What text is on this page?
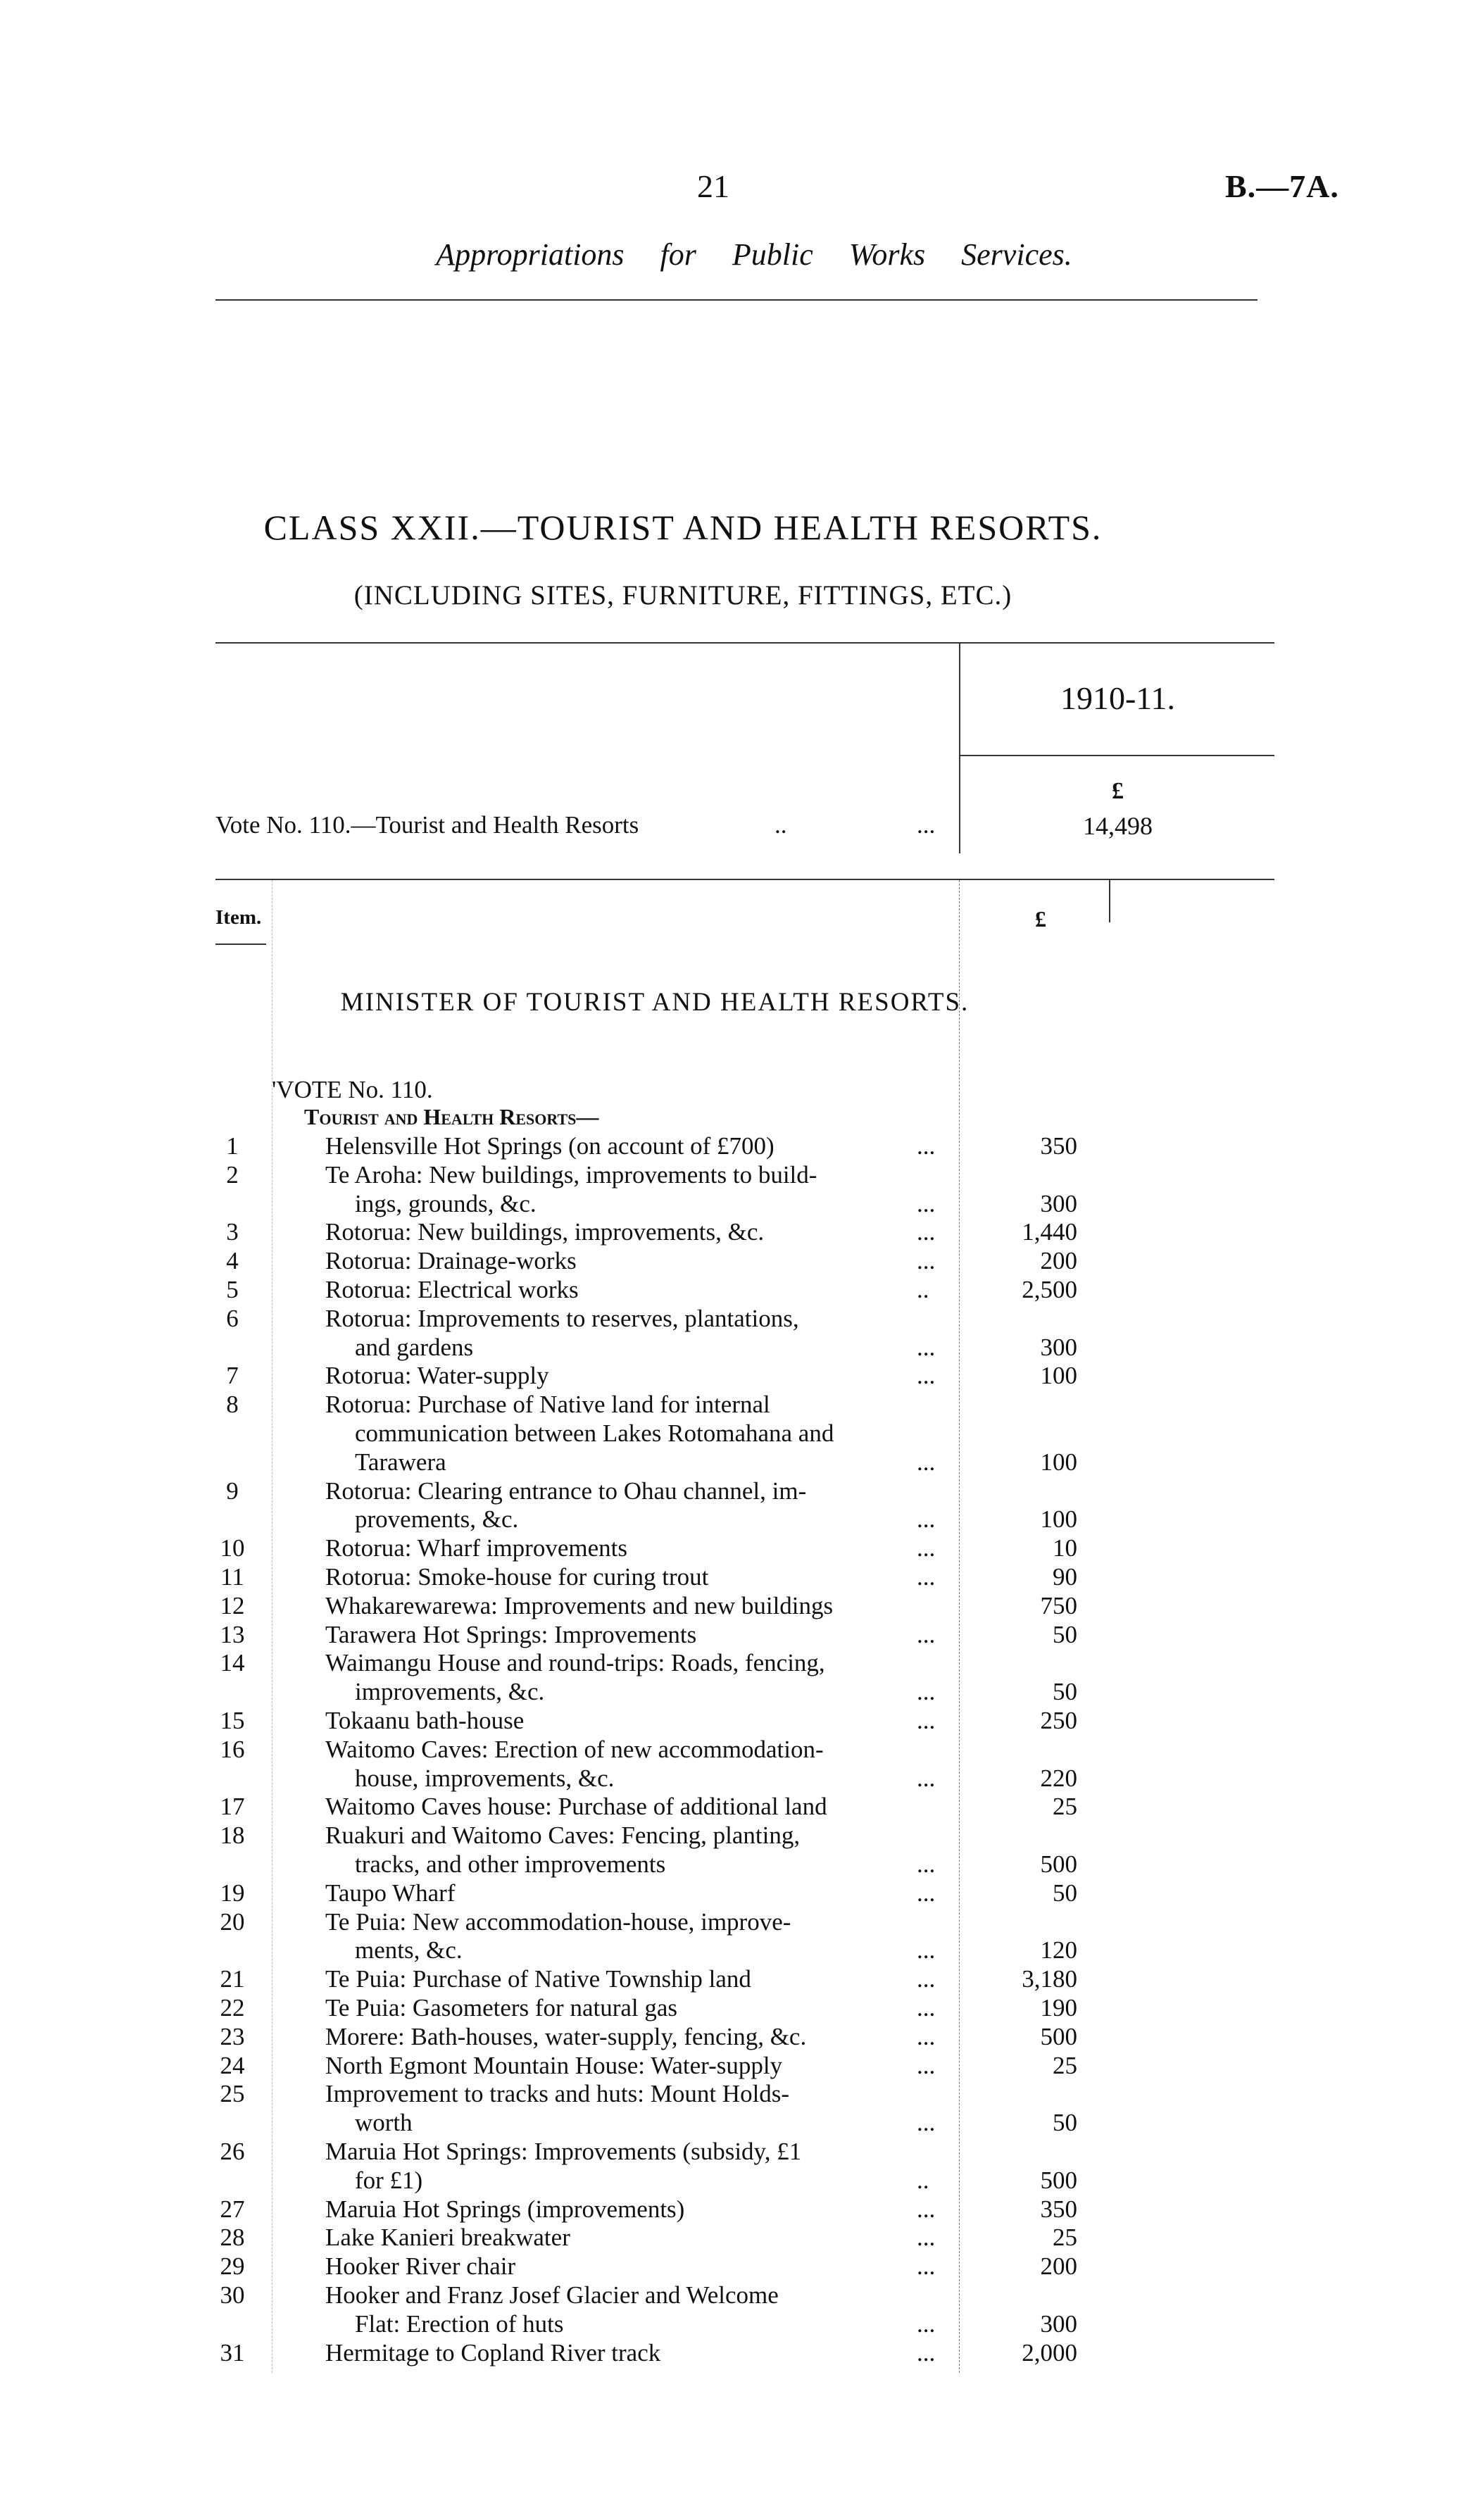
21	B.—7A.
Appropriations for Public Works Services.
CLASS XXII.—TOURIST AND HEALTH RESORTS.
(INCLUDING SITES, FURNITURE, FITTINGS, ETC.)
1910-11.
Vote No. 110.—Tourist and Health Resorts	..	...
£
14,498
Item.	£
MINISTER OF TOURIST AND HEALTH RESORTS.
'VOTE No. 110.
Tourist and Health Resorts—
1	Helensville Hot Springs (on account of £700)	...	350
2	Te Aroha: New buildings, improvements to build-
ings, grounds, &c.	...	300
3	Rotorua: New buildings, improvements, &c.	...	1,440
4	Rotorua: Drainage-works	...	200
5	Rotorua: Electrical works	..	2,500
6	Rotorua: Improvements to reserves, plantations,
and gardens	...	300
7	Rotorua: Water-supply	...	100
8	Rotorua: Purchase of Native land for internal
communication between Lakes Rotomahana and
Tarawera	...	100
9	Rotorua: Clearing entrance to Ohau channel, im-
provements, &c.	...	100
10	Rotorua: Wharf improvements	...	10
11	Rotorua: Smoke-house for curing trout	...	90
12	Whakarewarewa: Improvements and new buildings	750
13	Tarawera Hot Springs: Improvements	...	50
14	Waimangu House and round-trips: Roads, fencing,
improvements, &c.	...	50
15	Tokaanu bath-house	...	250
16	Waitomo Caves: Erection of new accommodation-
house, improvements, &c.	...	220
17	Waitomo Caves house: Purchase of additional land	25
18	Ruakuri and Waitomo Caves: Fencing, planting,
tracks, and other improvements	...	500
19	Taupo Wharf	...	50
20	Te Puia: New accommodation-house, improve-
ments, &c.	...	120
21	Te Puia: Purchase of Native Township land	...	3,180
22	Te Puia: Gasometers for natural gas	...	190
23	Morere: Bath-houses, water-supply, fencing, &c.	...	500
24	North Egmont Mountain House: Water-supply	...	25
25	Improvement to tracks and huts: Mount Holds-
worth	...	50
26	Maruia Hot Springs: Improvements (subsidy, £1
for £1)	..	500
27	Maruia Hot Springs (improvements)	...	350
28	Lake Kanieri breakwater	...	25
29	Hooker River chair	...	200
30	Hooker and Franz Josef Glacier and Welcome
Flat: Erection of huts	...	300
31	Hermitage to Copland River track	...	2,000
